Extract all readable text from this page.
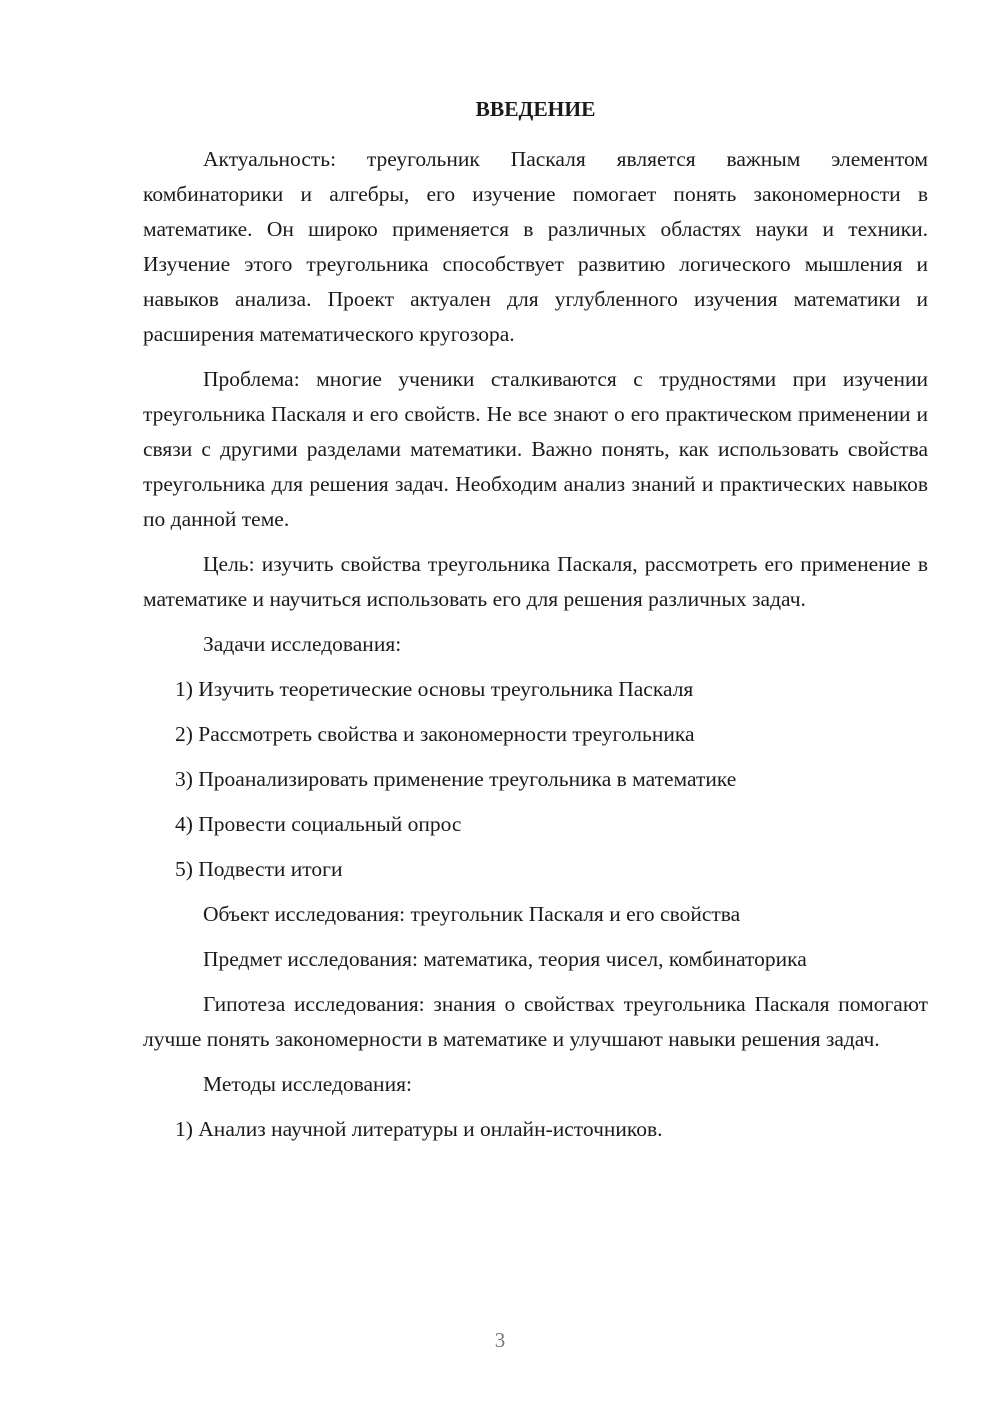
ВВЕДЕНИЕ

Актуальность: треугольник Паскаля является важным элементом комбинаторики и алгебры, его изучение помогает понять закономерности в математике. Он широко применяется в различных областях науки и техники. Изучение этого треугольника способствует развитию логического мышления и навыков анализа. Проект актуален для углубленного изучения математики и расширения математического кругозора.

Проблема: многие ученики сталкиваются с трудностями при изучении треугольника Паскаля и его свойств. Не все знают о его практическом применении и связи с другими разделами математики. Важно понять, как использовать свойства треугольника для решения задач. Необходим анализ знаний и практических навыков по данной теме.

Цель: изучить свойства треугольника Паскаля, рассмотреть его применение в математике и научиться использовать его для решения различных задач.

Задачи исследования:
1) Изучить теоретические основы треугольника Паскаля
2) Рассмотреть свойства и закономерности треугольника
3) Проанализировать применение треугольника в математике
4) Провести социальный опрос
5) Подвести итоги
Объект исследования: треугольник Паскаля и его свойства
Предмет исследования: математика, теория чисел, комбинаторика

Гипотеза исследования: знания о свойствах треугольника Паскаля помогают лучше понять закономерности в математике и улучшают навыки решения задач.

Методы исследования:
1) Анализ научной литературы и онлайн-источников.
3
